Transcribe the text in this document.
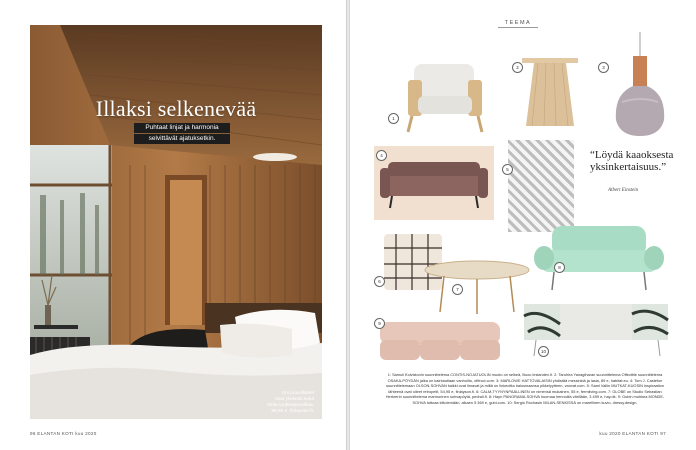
Illaksi selkenevää
Puhtaat linjat ja harmonia
selvittävät ajatuksetkin.
Uni puuvillaiset
ovat yleisesti sekä
hinta tuotteepuuvillaa,
99,90 e, finlayson.fi.
96 ELANTAN KOTI kuu 2020
TEEMA
1
2	3
4
5
“Löydä kaaoksesta yksinkertaisuus.”
Albert Einstein
6
7
8
9
10
1: Samuli Koivistonin suunnittelema CONTIS-NOJATUOLIN muoto on selkeä, Booo leslandex.fi. 2: Tarohira Yanagiharan suunnittelema Offecttile suunnittelema OSAKA-PÖYDÄN jalka on kaintautlaan vanhoiltu, offecct.com. 3: MARLOWE HATTOVALAISIN yhdistää messinkiä ja lasia, 89 e, habitat.eu. 4: Tom J. Castefon suunnittelemaan OLSON-SOHVAN kaikki ovat ilmavat ja miltä on linkeoitta halusmaansa pikkelyytteen, vanvat.com. 5: Saml Vallin MUTKAT-KUOSIN inspiraation lähteenä ovat olleet retropelit, 54,95 e, finlayson.fi. 6: CALM-TYYNYNPÄÄLLINEN on nimensä mukainen, 55 e, fermliving.com. 7: GLOBE on Studio Sebastian Herkrerin suunnittelema marmorinen sohvapöytä, pedrali.fi. 8: Hayn PANORAMA-SOHVA huomaa hennoilla värillään, 3 499 e, hay.dk. 9: Gubin muhkea MONDE-SOHVA tuttuaa kiltolemään, alkaen 5 369 e, gubi.com. 10: Sergio Rochasin MILAN-SENKISSÄ on marellinen kuvio, dressy.design.
kuu 2020 ELANTAN KOTI 97
